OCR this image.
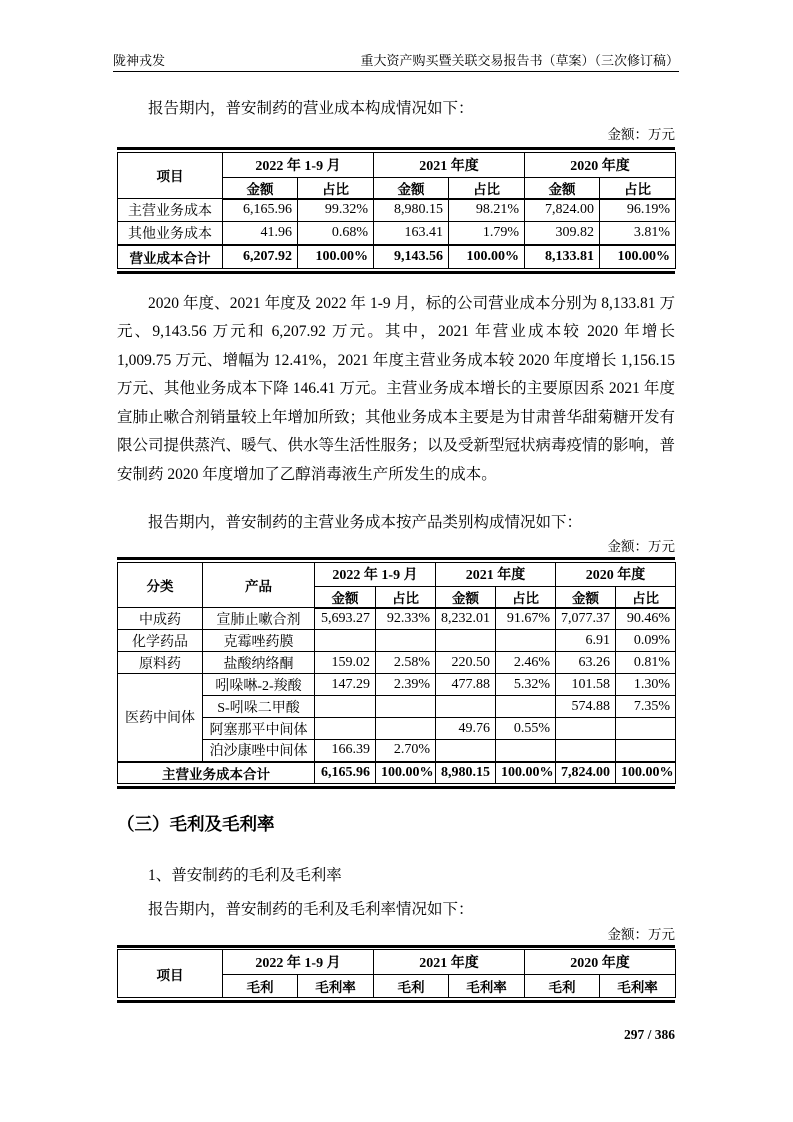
陇神戎发	重大资产购买暨关联交易报告书（草案）（三次修订稿）

报告期内，普安制药的营业成本构成情况如下：

金额：万元
项目	2022 年 1-9 月		2021 年度		2020 年度	
	金额	占比	金额	占比	金额	占比
主营业务成本	6,165.96	99.32%	8,980.15	98.21%	7,824.00	96.19%
其他业务成本	41.96	0.68%	163.41	1.79%	309.82	3.81%
营业成本合计	6,207.92	100.00%	9,143.56	100.00%	8,133.81	100.00%

2020 年度、2021 年度及 2022 年 1-9 月，标的公司营业成本分别为 8,133.81 万元、9,143.56 万元和 6,207.92 万元。其中，2021 年营业成本较 2020 年增长 1,009.75 万元、增幅为 12.41%，2021 年度主营业务成本较 2020 年度增长 1,156.15 万元、其他业务成本下降 146.41 万元。主营业务成本增长的主要原因系 2021 年度宣肺止嗽合剂销量较上年增加所致；其他业务成本主要是为甘肃普华甜菊糖开发有限公司提供蒸汽、暖气、供水等生活性服务；以及受新型冠状病毒疫情的影响，普安制药 2020 年度增加了乙醇消毒液生产所发生的成本。

报告期内，普安制药的主营业务成本按产品类别构成情况如下：

金额：万元
分类	产品	2022 年 1-9 月		2021 年度		2020 年度	
		金额	占比	金额	占比	金额	占比
中成药	宣肺止嗽合剂	5,693.27	92.33%	8,232.01	91.67%	7,077.37	90.46%
化学药品	克霉唑药膜					6.91	0.09%
原料药	盐酸纳络酮	159.02	2.58%	220.50	2.46%	63.26	0.81%
医药中间体	吲哚啉-2-羧酸	147.29	2.39%	477.88	5.32%	101.58	1.30%
	S-吲哚二甲酸					574.88	7.35%
	阿塞那平中间体			49.76	0.55%		
	泊沙康唑中间体	166.39	2.70%				
主营业务成本合计		6,165.96	100.00%	8,980.15	100.00%	7,824.00	100.00%
（三）毛利及毛利率

1、普安制药的毛利及毛利率

报告期内，普安制药的毛利及毛利率情况如下：

金额：万元
项目	2022 年 1-9 月		2021 年度		2020 年度	
	毛利	毛利率	毛利	毛利率	毛利	毛利率
297 / 386
